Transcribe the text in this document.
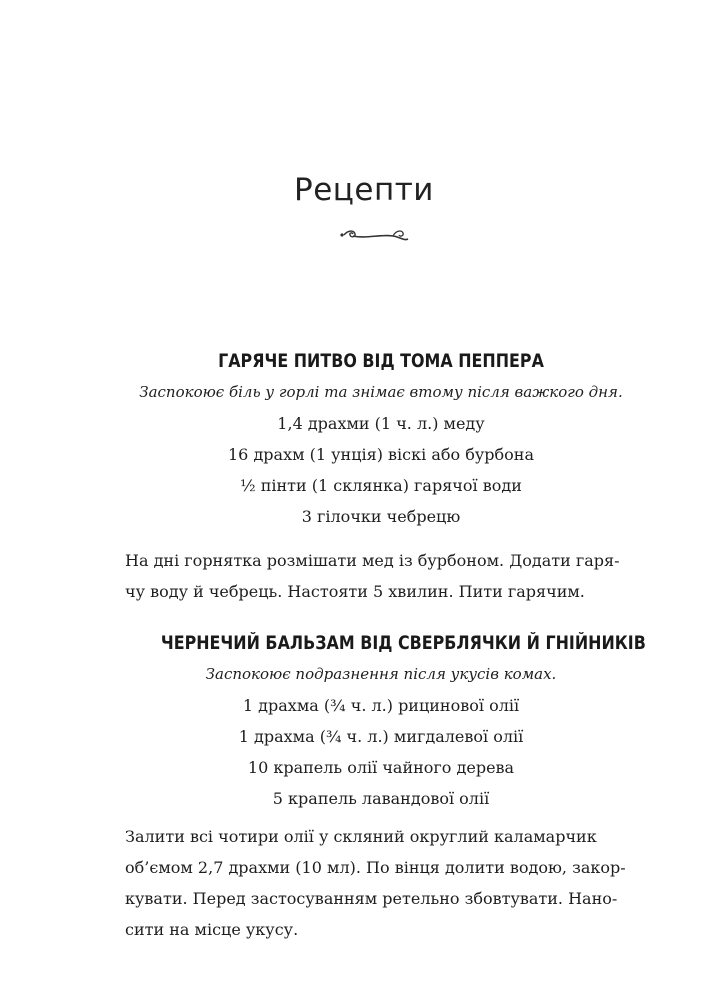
Рецепти
ГАРЯЧЕ ПИТВО ВІД ТОМА ПЕППЕРА
Заспокоює біль у горлі та знімає втому після важкого дня.
1,4 драхми (1 ч. л.) меду
16 драхм (1 унція) віскі або бурбона
½ пінти (1 склянка) гарячої води
3 гілочки чебрецю
На дні горнятка розмішати мед із бурбоном. Додати гаря-
чу воду й чебрець. Настояти 5 хвилин. Пити гарячим.
ЧЕРНЕЧИЙ БАЛЬЗАМ ВІД СВЕРБЛЯЧКИ Й ГНІЙНИКІВ
Заспокоює подразнення після укусів комах.
1 драхма (¾ ч. л.) рицинової олії
1 драхма (¾ ч. л.) мигдалевої олії
10 крапель олії чайного дерева
5 крапель лавандової олії
Залити всі чотири олії у скляний округлий каламарчик
об’ємом 2,7 драхми (10 мл). По вінця долити водою, закор-
кувати. Перед застосуванням ретельно збовтувати. Нано-
сити на місце укусу.
